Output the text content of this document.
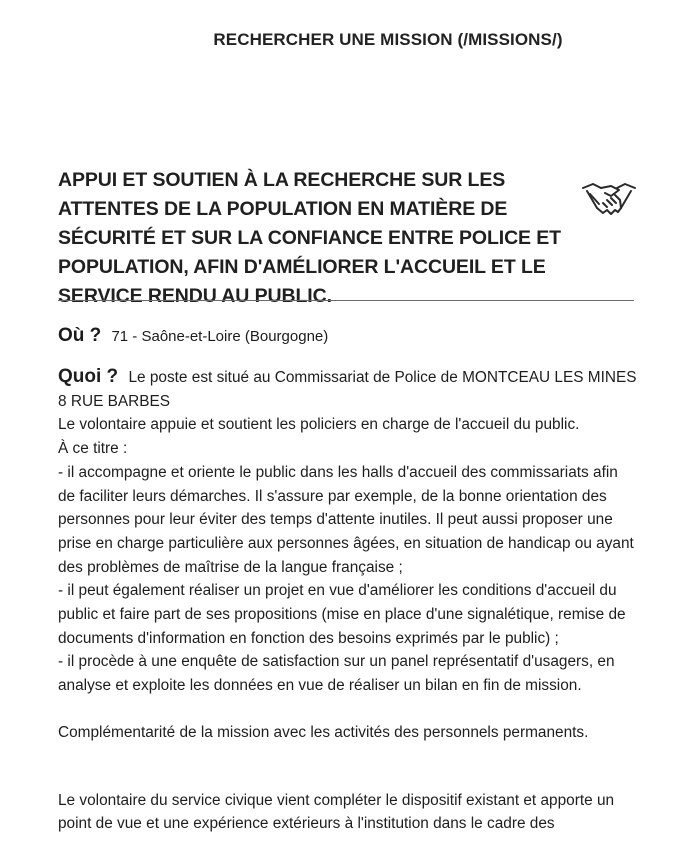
RECHERCHER UNE MISSION (/MISSIONS/)
APPUI ET SOUTIEN À LA RECHERCHE SUR LES ATTENTES DE LA POPULATION EN MATIÈRE DE SÉCURITÉ ET SUR LA CONFIANCE ENTRE POLICE ET POPULATION, AFIN D'AMÉLIORER L'ACCUEIL ET LE SERVICE RENDU AU PUBLIC.
Où ? 71 - Saône-et-Loire (Bourgogne)

Quoi ? Le poste est situé au Commissariat de Police de MONTCEAU LES MINES 8 RUE BARBES

Le volontaire appuie et soutient les policiers en charge de l'accueil du public.

À ce titre :

- il accompagne et oriente le public dans les halls d'accueil des commissariats afin de faciliter leurs démarches. Il s'assure par exemple, de la bonne orientation des personnes pour leur éviter des temps d'attente inutiles. Il peut aussi proposer une prise en charge particulière aux personnes âgées, en situation de handicap ou ayant des problèmes de maîtrise de la langue française ;

- il peut également réaliser un projet en vue d'améliorer les conditions d'accueil du public et faire part de ses propositions (mise en place d'une signalétique, remise de documents d'information en fonction des besoins exprimés par le public) ;

- il procède à une enquête de satisfaction sur un panel représentatif d'usagers, en analyse et exploite les données en vue de réaliser un bilan en fin de mission.

Complémentarité de la mission avec les activités des personnels permanents.

Le volontaire du service civique vient compléter le dispositif existant et apporte un point de vue et une expérience extérieurs à l'institution dans le cadre des
